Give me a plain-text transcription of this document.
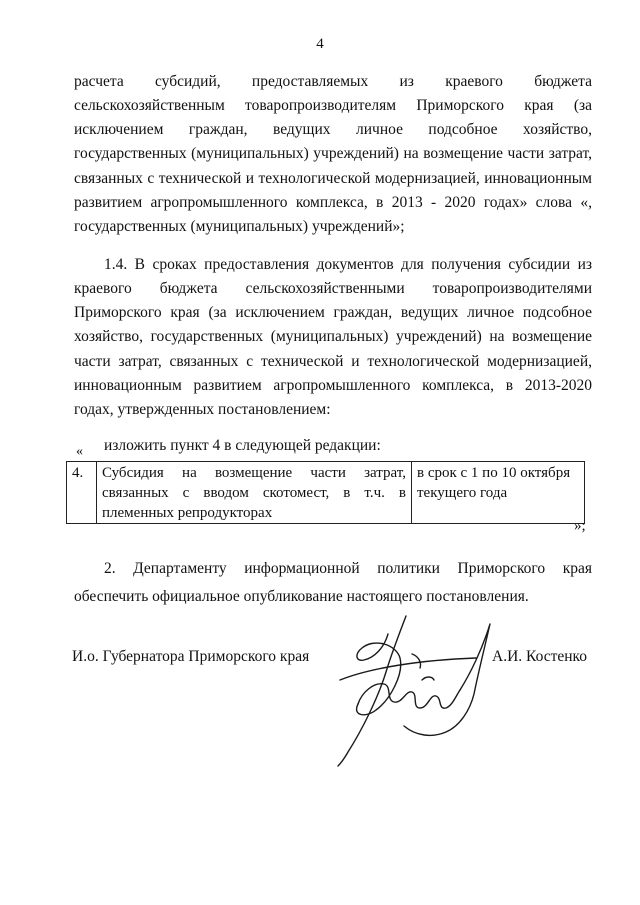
4

расчета субсидий, предоставляемых из краевого бюджета сельскохозяйственным товаропроизводителям Приморского края (за исключением граждан, ведущих личное подсобное хозяйство, государственных (муниципальных) учреждений) на возмещение части затрат, связанных с технической и технологической модернизацией, инновационным развитием агропромышленного комплекса, в 2013 - 2020 годах» слова «, государственных (муниципальных) учреждений»;

1.4. В сроках предоставления документов для получения субсидии из краевого бюджета сельскохозяйственными товаропроизводителями Приморского края (за исключением граждан, ведущих личное подсобное хозяйство, государственных (муниципальных) учреждений) на возмещение части затрат, связанных с технической и технологической модернизацией, инновационным развитием агропромышленного комплекса, в 2013-2020 годах, утвержденных постановлением:

изложить пункт 4 в следующей редакции:

«
4.	Субсидия на возмещение части затрат, связанных с вводом скотомест, в т.ч. в племенных репродукторах	в срок с 1 по 10 октября текущего года
»;

2. Департаменту информационной политики Приморского края обеспечить официальное опубликование настоящего постановления.

И.о. Губернатора Приморского края	А.И. Костенко
